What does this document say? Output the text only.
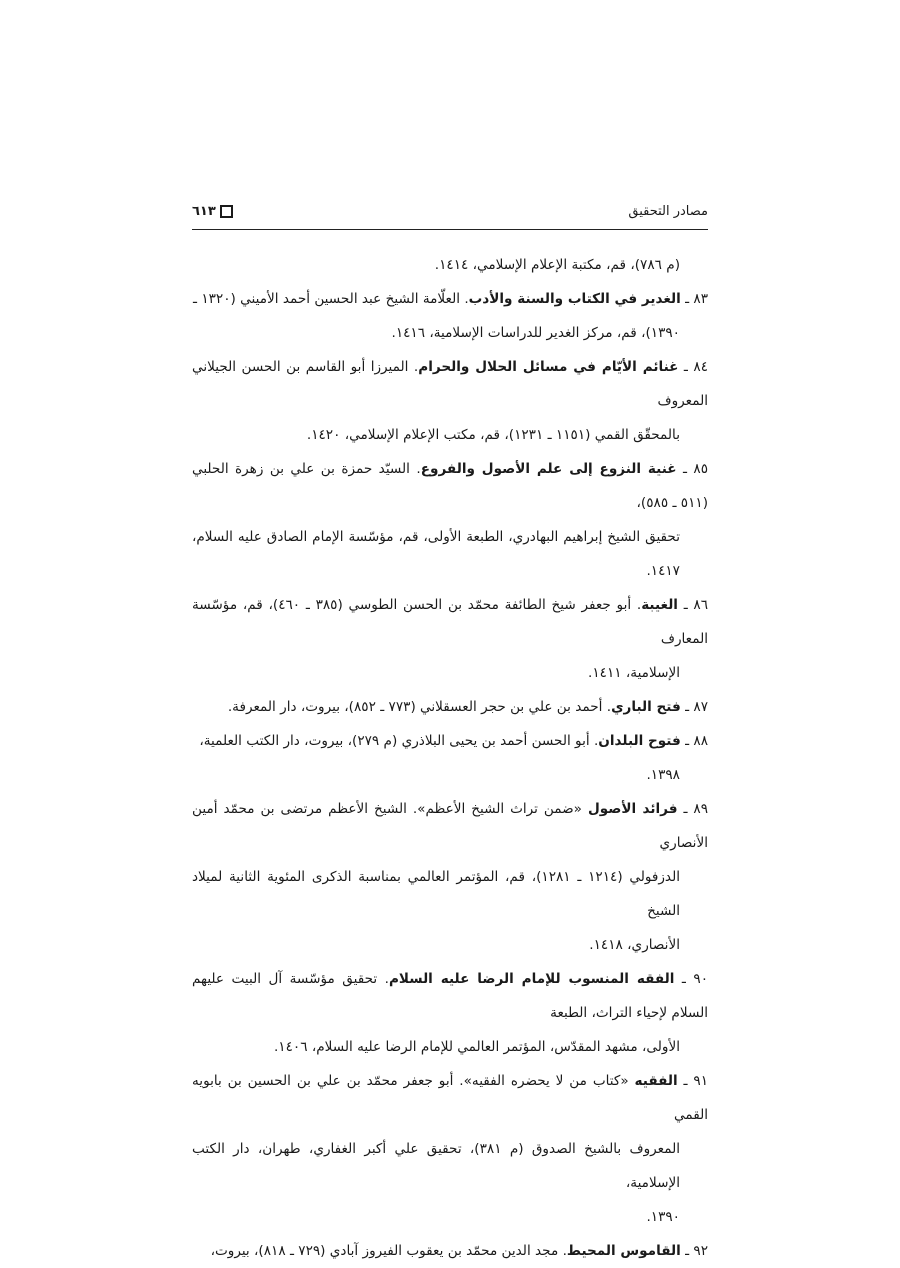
مصادر التحقيق
٦١٣
(م ٧٨٦)، قم، مكتبة الإعلام الإسلامي، ١٤١٤.
٨٣ ـ الغدير في الكتاب والسنة والأدب. العلّامة الشيخ عبد الحسين أحمد الأميني (١٣٢٠ ـ
١٣٩٠)، قم، مركز الغدير للدراسات الإسلامية، ١٤١٦.
٨٤ ـ غنائم الأيّام في مسائل الحلال والحرام. الميرزا أبو القاسم بن الحسن الجيلاني المعروف
بالمحقّق القمي (١١٥١ ـ ١٢٣١)، قم، مكتب الإعلام الإسلامي، ١٤٢٠.
٨٥ ـ غنية النزوع إلى علم الأصول والفروع. السيّد حمزة بن علي بن زهرة الحلبي (٥١١ ـ ٥٨٥)،
تحقيق الشيخ إبراهيم البهادري، الطبعة الأولى، قم، مؤسّسة الإمام الصادق عليه السلام، ١٤١٧.
٨٦ ـ الغيبة. أبو جعفر شيخ الطائفة محمّد بن الحسن الطوسي (٣٨٥ ـ ٤٦٠)، قم، مؤسّسة المعارف
الإسلامية، ١٤١١.
٨٧ ـ فتح الباري. أحمد بن علي بن حجر العسقلاني (٧٧٣ ـ ٨٥٢)، بيروت، دار المعرفة.
٨٨ ـ فتوح البلدان. أبو الحسن أحمد بن يحيى البلاذري (م ٢٧٩)، بيروت، دار الكتب العلمية،
١٣٩٨.
٨٩ ـ فرائد الأصول «ضمن تراث الشيخ الأعظم». الشيخ الأعظم مرتضى بن محمّد أمين الأنصاري
الدزفولي (١٢١٤ ـ ١٢٨١)، قم، المؤتمر العالمي بمناسبة الذكرى المئوية الثانية لميلاد الشيخ
الأنصاري، ١٤١٨.
٩٠ ـ الفقه المنسوب للإمام الرضا عليه السلام. تحقيق مؤسّسة آل البيت عليهم السلام لإحياء التراث، الطبعة
الأولى، مشهد المقدّس، المؤتمر العالمي للإمام الرضا عليه السلام، ١٤٠٦.
٩١ ـ الفقيه «كتاب من لا يحضره الفقيه». أبو جعفر محمّد بن علي بن الحسين بن بابويه القمي
المعروف بالشيخ الصدوق (م ٣٨١)، تحقيق علي أكبر الغفاري، طهران، دار الكتب الإسلامية،
١٣٩٠.
٩٢ ـ القاموس المحيط. مجد الدين محمّد بن يعقوب الفيروز آبادي (٧٢٩ ـ ٨١٨)، بيروت،
